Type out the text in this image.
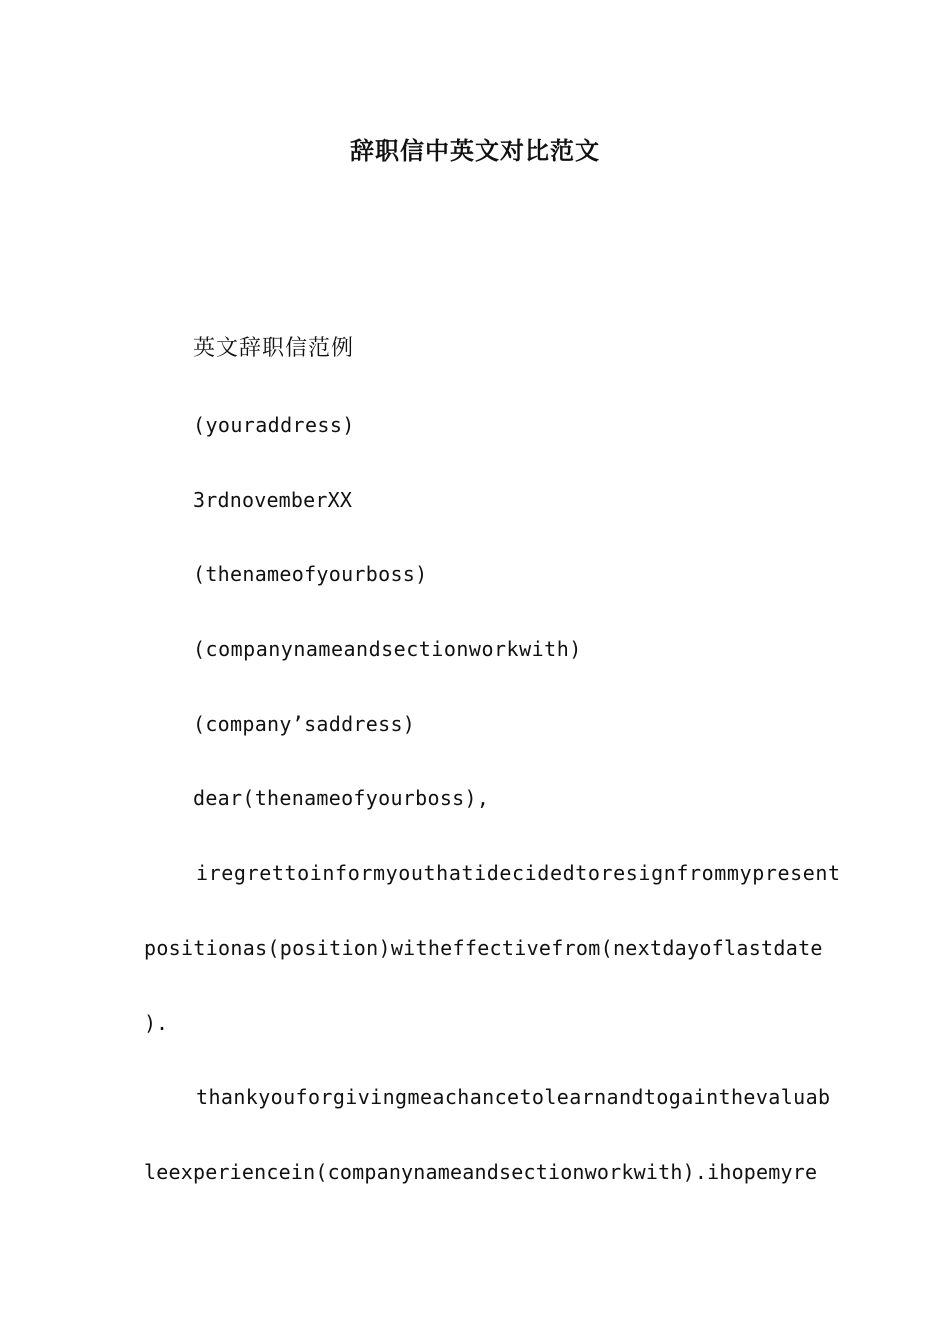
辞职信中英文对比范文
英文辞职信范例
(youraddress)
3rdnovemberXX
(thenameofyourboss)
(companynameandsectionworkwith)
(company’saddress)
dear(thenameofyourboss),
iregrettoinformyouthatidecidedtoresignfrommypresent
positionas(position)witheffectivefrom(nextdayoflastdate
).
thankyouforgivingmeachancetolearnandtogainthevaluab
leexperiencein(companynameandsectionworkwith).ihopemyre
